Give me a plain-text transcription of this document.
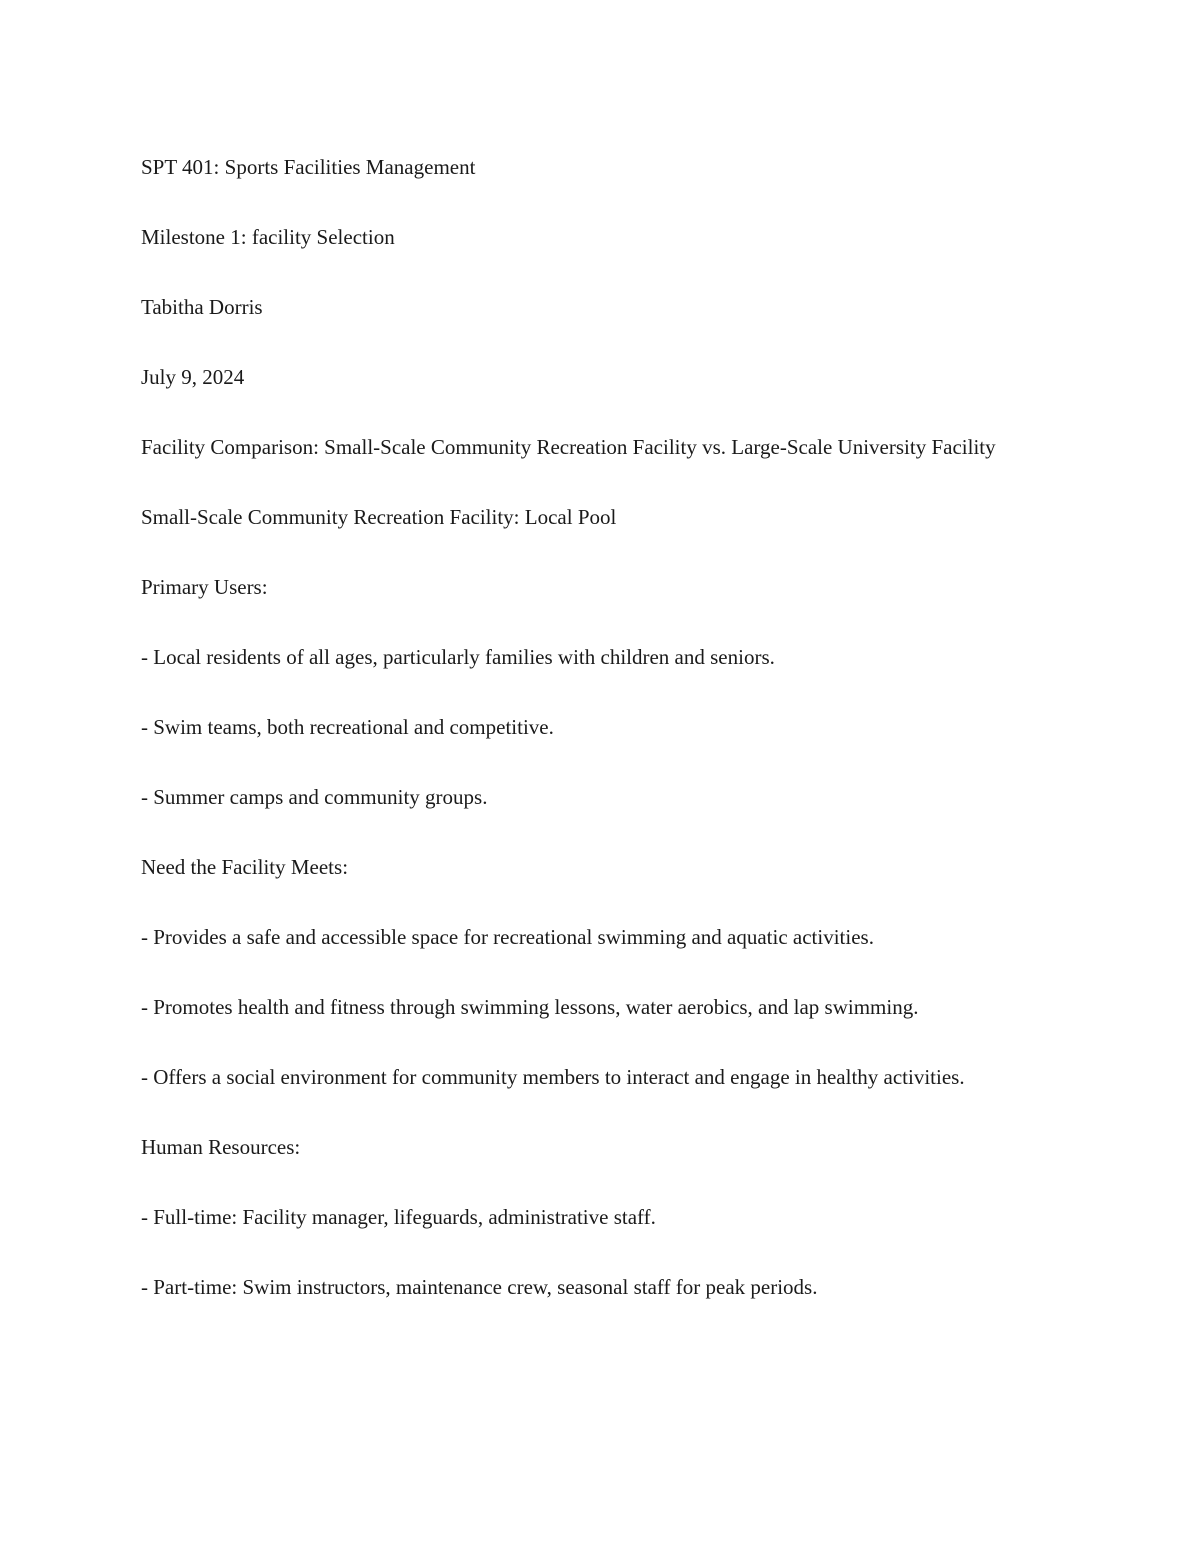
SPT 401: Sports Facilities Management

Milestone 1: facility Selection

Tabitha Dorris

July 9, 2024

Facility Comparison: Small-Scale Community Recreation Facility vs. Large-Scale University Facility

Small-Scale Community Recreation Facility: Local Pool

Primary Users:

- Local residents of all ages, particularly families with children and seniors.

- Swim teams, both recreational and competitive.

- Summer camps and community groups.

Need the Facility Meets:

- Provides a safe and accessible space for recreational swimming and aquatic activities.

- Promotes health and fitness through swimming lessons, water aerobics, and lap swimming.

- Offers a social environment for community members to interact and engage in healthy activities.

Human Resources:

- Full-time: Facility manager, lifeguards, administrative staff.

- Part-time: Swim instructors, maintenance crew, seasonal staff for peak periods.
